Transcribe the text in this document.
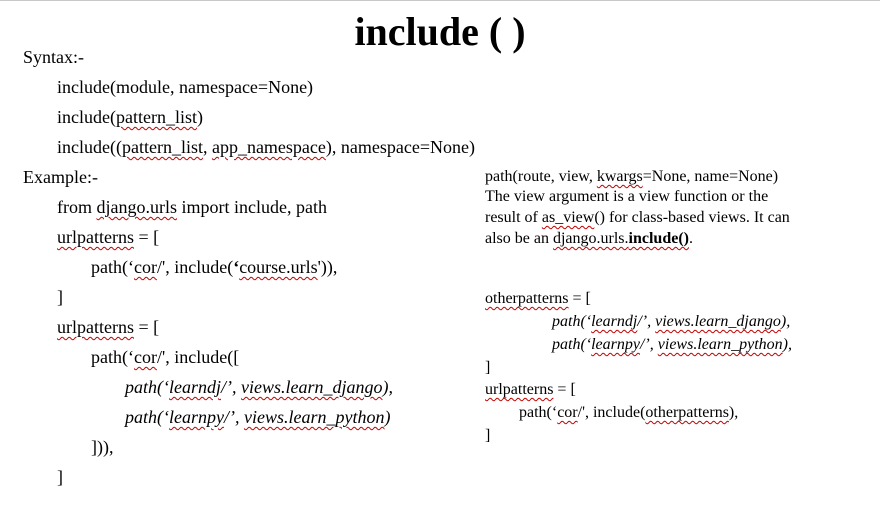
include ( )
Syntax:-
include(module, namespace=None)
include(pattern_list)
include((pattern_list, app_namespace), namespace=None)
Example:-
from django.urls import include, path
urlpatterns = [
path(‘cor/', include(‘course.urls')),
]
urlpatterns = [
path(‘cor/', include([
path(‘learndj/’, views.learn_django),
path(‘learnpy/’, views.learn_python)
])),
]
path(route, view, kwargs=None, name=None)
The view argument is a view function or the
result of as_view() for class-based views. It can
also be an django.urls.include().
otherpatterns = [
path(‘learndj/’, views.learn_django),
path(‘learnpy/’, views.learn_python),
]
urlpatterns = [
path(‘cor/', include(otherpatterns),
]
